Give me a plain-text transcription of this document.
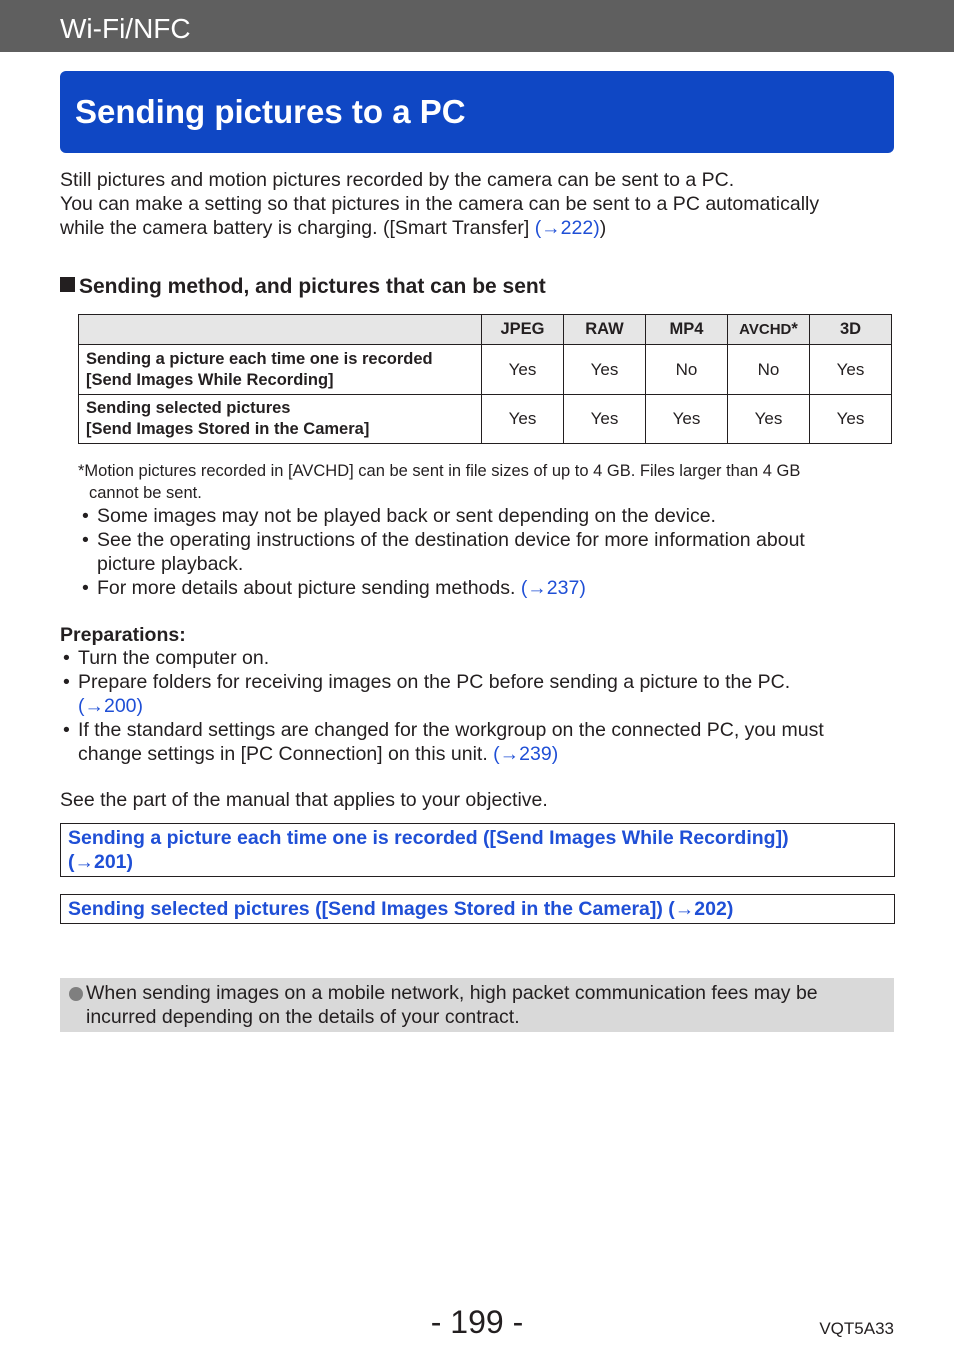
Wi-Fi/NFC
Sending pictures to a PC
Still pictures and motion pictures recorded by the camera can be sent to a PC.
You can make a setting so that pictures in the camera can be sent to a PC automatically
while the camera battery is charging. ([Smart Transfer] (→222))
Sending method, and pictures that can be sent
	JPEG	RAW	MP4	AVCHD*	3D

Sending a picture each time one is recorded
[Send Images While Recording]	Yes	Yes	No	No	Yes

Sending selected pictures
[Send Images Stored in the Camera]	Yes	Yes	Yes	Yes	Yes
*Motion pictures recorded in [AVCHD] can be sent in file sizes of up to 4 GB. Files larger than 4 GB
cannot be sent.
• Some images may not be played back or sent depending on the device.
• See the operating instructions of the destination device for more information about
picture playback.
• For more details about picture sending methods. (→237)
Preparations:
• Turn the computer on.
• Prepare folders for receiving images on the PC before sending a picture to the PC.
(→200)
• If the standard settings are changed for the workgroup on the connected PC, you must
change settings in [PC Connection] on this unit. (→239)
See the part of the manual that applies to your objective.
Sending a picture each time one is recorded ([Send Images While Recording])
(→201)
Sending selected pictures ([Send Images Stored in the Camera]) (→202)
When sending images on a mobile network, high packet communication fees may be
incurred depending on the details of your contract.
- 199 -	VQT5A33
